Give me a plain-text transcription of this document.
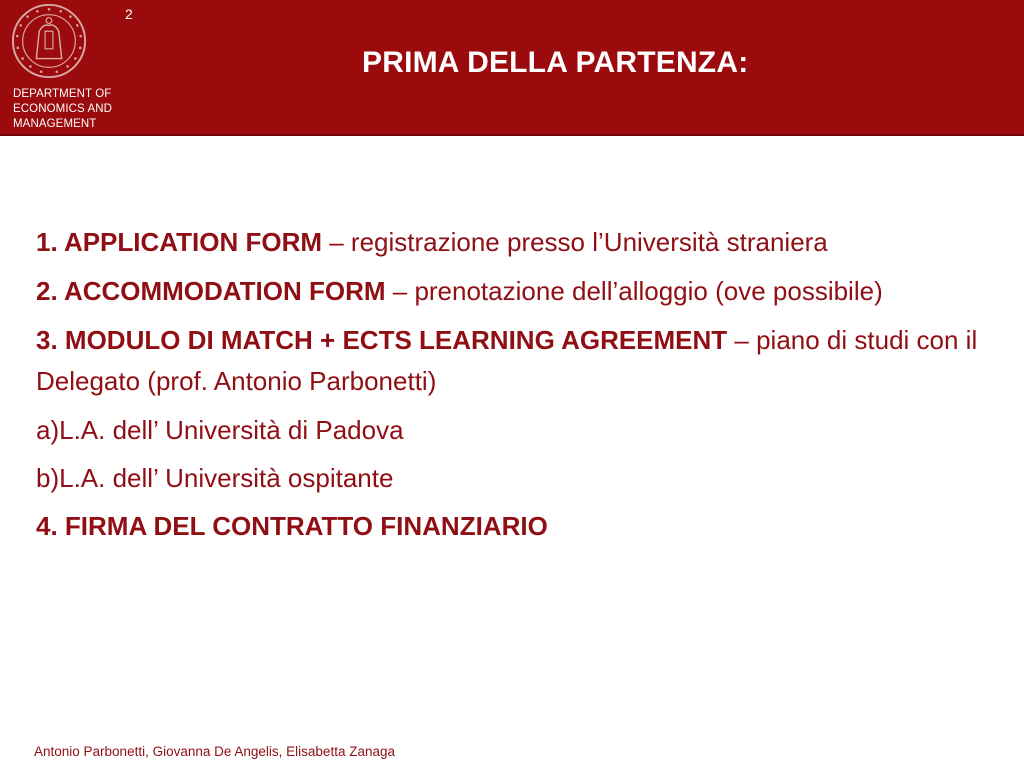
2
DEPARTMENT OF
ECONOMICS AND
MANAGEMENT
PRIMA DELLA PARTENZA:
1. APPLICATION FORM – registrazione presso l’Università straniera
2. ACCOMMODATION FORM – prenotazione dell’alloggio (ove possibile)
3. MODULO DI MATCH + ECTS LEARNING AGREEMENT – piano di studi con il Delegato (prof. Antonio Parbonetti)
a)L.A. dell’ Università di Padova
b)L.A. dell’ Università ospitante
4. FIRMA DEL CONTRATTO FINANZIARIO
Antonio Parbonetti, Giovanna De Angelis, Elisabetta Zanaga
